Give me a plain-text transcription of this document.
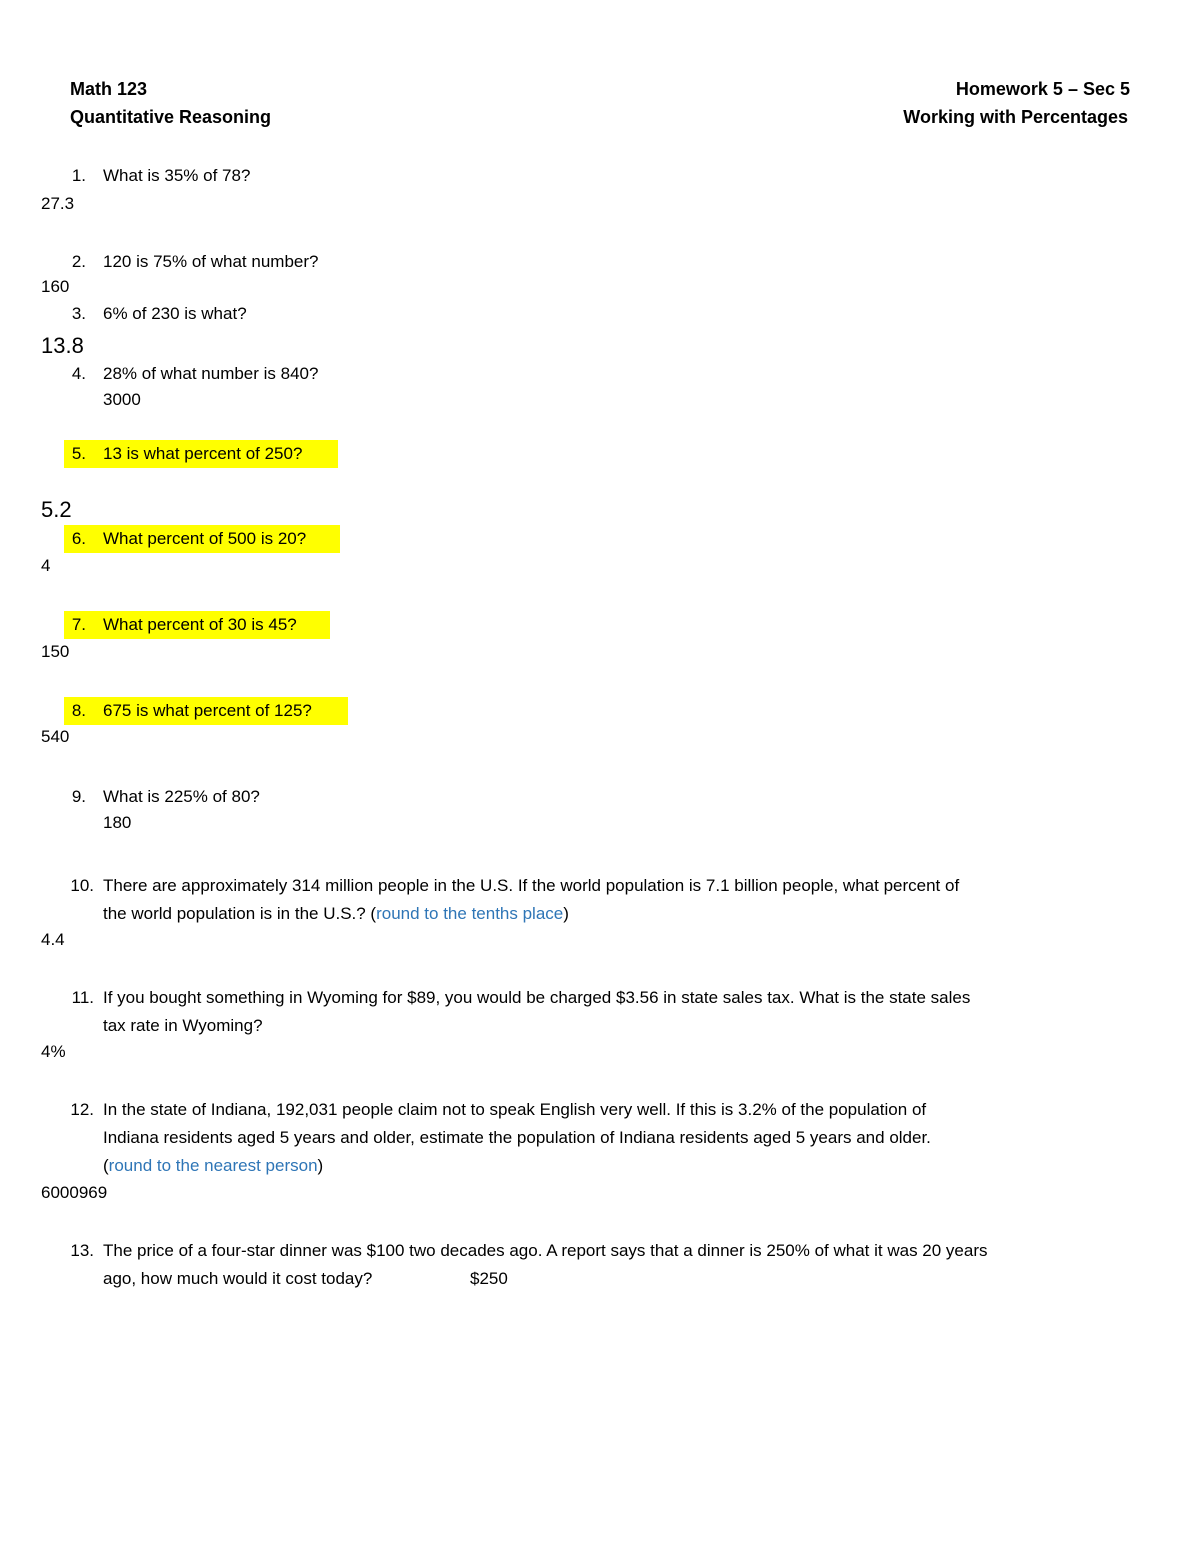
Math 123
Quantitative Reasoning
Homework 5 – Sec 5
Working with Percentages
1. What is 35% of 78?
27.3
2. 120 is 75% of what number?
160
3. 6% of 230 is what?
13.8
4. 28% of what number is 840?
3000
5. 13 is what percent of 250?
5.2
6. What percent of 500 is 20?
4
7. What percent of 30 is 45?
150
8. 675 is what percent of 125?
540
9. What is 225% of 80?
180
10. There are approximately 314 million people in the U.S. If the world population is 7.1 billion people, what percent of
the world population is in the U.S.? (round to the tenths place)
4.4
11. If you bought something in Wyoming for $89, you would be charged $3.56 in state sales tax. What is the state sales
tax rate in Wyoming?
4%
12. In the state of Indiana, 192,031 people claim not to speak English very well. If this is 3.2% of the population of
Indiana residents aged 5 years and older, estimate the population of Indiana residents aged 5 years and older.
(round to the nearest person)
6000969
13. The price of a four-star dinner was $100 two decades ago. A report says that a dinner is 250% of what it was 20 years
ago, how much would it cost today?	$250
